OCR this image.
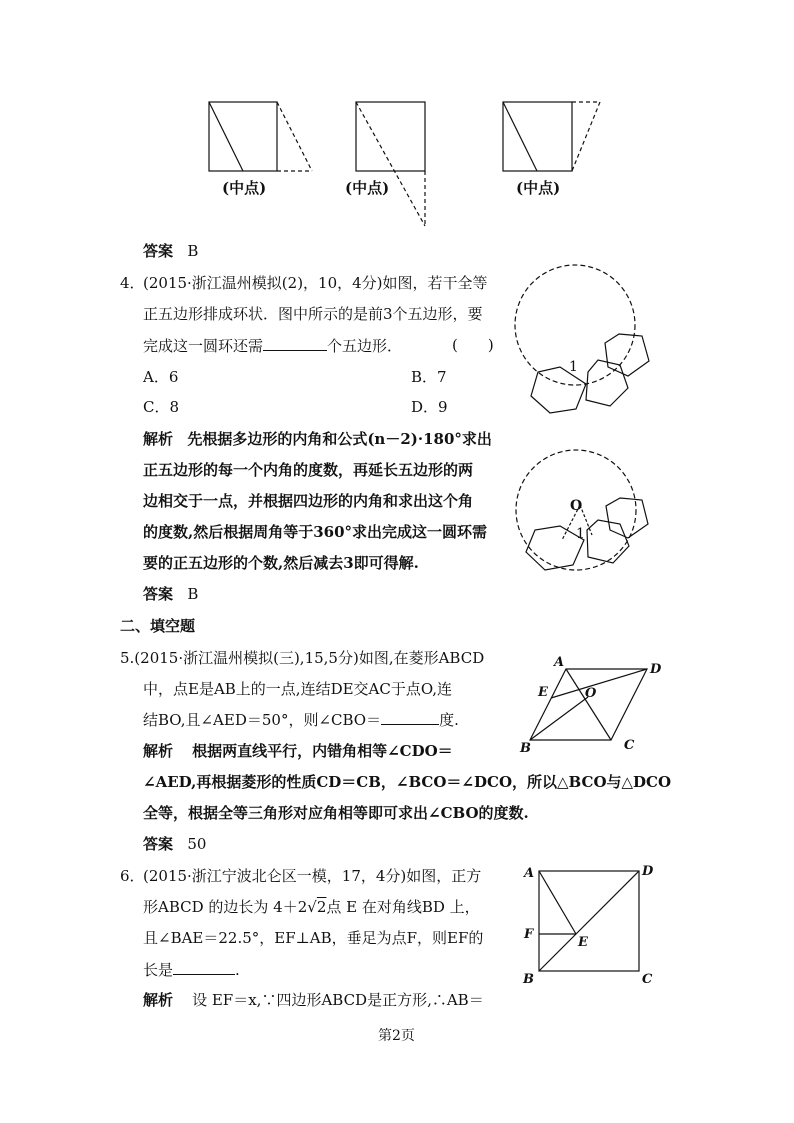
1
O
1
A	D
E	O
B	C
A	D
F
E
B	C
(中点)	(中点)	(中点)
答案 B
4．
(2015·浙江温州模拟(2)，10，4分)如图，若干全等
正五边形排成环状．图中所示的是前3个五边形，要
完成这一圆环还需	个五边形．	(　　)
A．6	B．7
C．8	D．9
解析 先根据多边形的内角和公式(n－2)·180°求出
正五边形的每一个内角的度数，再延长五边形的两
边相交于一点，并根据四边形的内角和求出这个角
的度数,然后根据周角等于360°求出完成这一圆环需
要的正五边形的个数,然后减去3即可得解.
答案 B
二、填空题
5.(2015·浙江温州模拟(三),15,5分)如图,在菱形ABCD
中，点E是AB上的一点,连结DE交AC于点O,连
结BO,且∠AED＝50°，则∠CBO＝	度.
解析 根据两直线平行，内错角相等∠CDO＝
∠AED,再根据菱形的性质CD＝CB，∠BCO＝∠DCO，所以△BCO与△DCO
全等，根据全等三角形对应角相等即可求出∠CBO的度数.
答案 50
6．
(2015·浙江宁波北仑区一模，17，4分)如图，正方
形ABCD 的边长为 4＋2√2点 E 在对角线BD 上，
且∠BAE＝22.5°，EF⊥AB，垂足为点F，则EF的
长是	.
解析 设 EF＝x,∵四边形ABCD是正方形,∴AB＝
第2页
